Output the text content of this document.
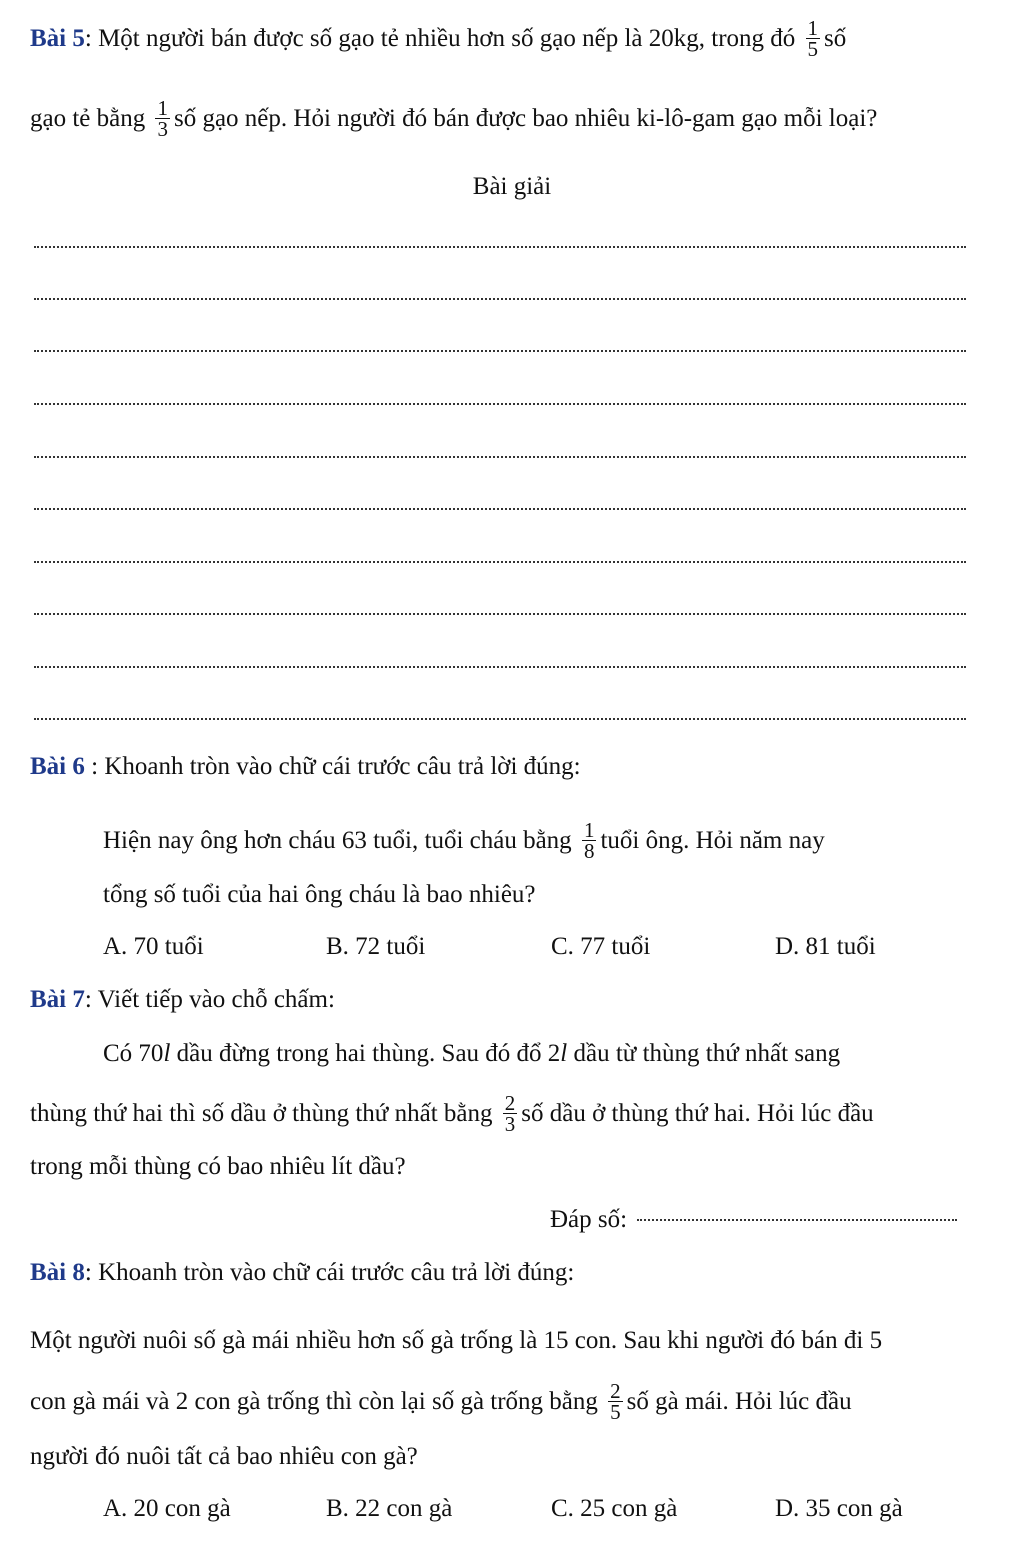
Bài 5: Một người bán được số gạo tẻ nhiều hơn số gạo nếp là 20kg, trong đó $\frac{1}{5}$ số
gạo tẻ bằng $\frac{1}{3}$ số gạo nếp. Hỏi người đó bán được bao nhiêu ki-lô-gam gạo mỗi loại?
Bài giải
Bài 6 : Khoanh tròn vào chữ cái trước câu trả lời đúng:
Hiện nay ông hơn cháu 63 tuổi, tuổi cháu bằng $\frac{1}{8}$ tuổi ông. Hỏi năm nay
tổng số tuổi của hai ông cháu là bao nhiêu?
A. 70 tuổi	B. 72 tuổi	C. 77 tuổi	D. 81 tuổi
Bài 7: Viết tiếp vào chỗ chấm:
Có 70l dầu đừng trong hai thùng. Sau đó đổ 2l dầu từ thùng thứ nhất sang
thùng thứ hai thì số dầu ở thùng thứ nhất bằng $\frac{2}{3}$ số dầu ở thùng thứ hai. Hỏi lúc đầu
trong mỗi thùng có bao nhiêu lít dầu?
Đáp số:
Bài 8: Khoanh tròn vào chữ cái trước câu trả lời đúng:
Một người nuôi số gà mái nhiều hơn số gà trống là 15 con. Sau khi người đó bán đi 5
con gà mái và 2 con gà trống thì còn lại số gà trống bằng $\frac{2}{5}$ số gà mái. Hỏi lúc đầu
người đó nuôi tất cả bao nhiêu con gà?
A. 20 con gà	B. 22 con gà	C. 25 con gà	D. 35 con gà
